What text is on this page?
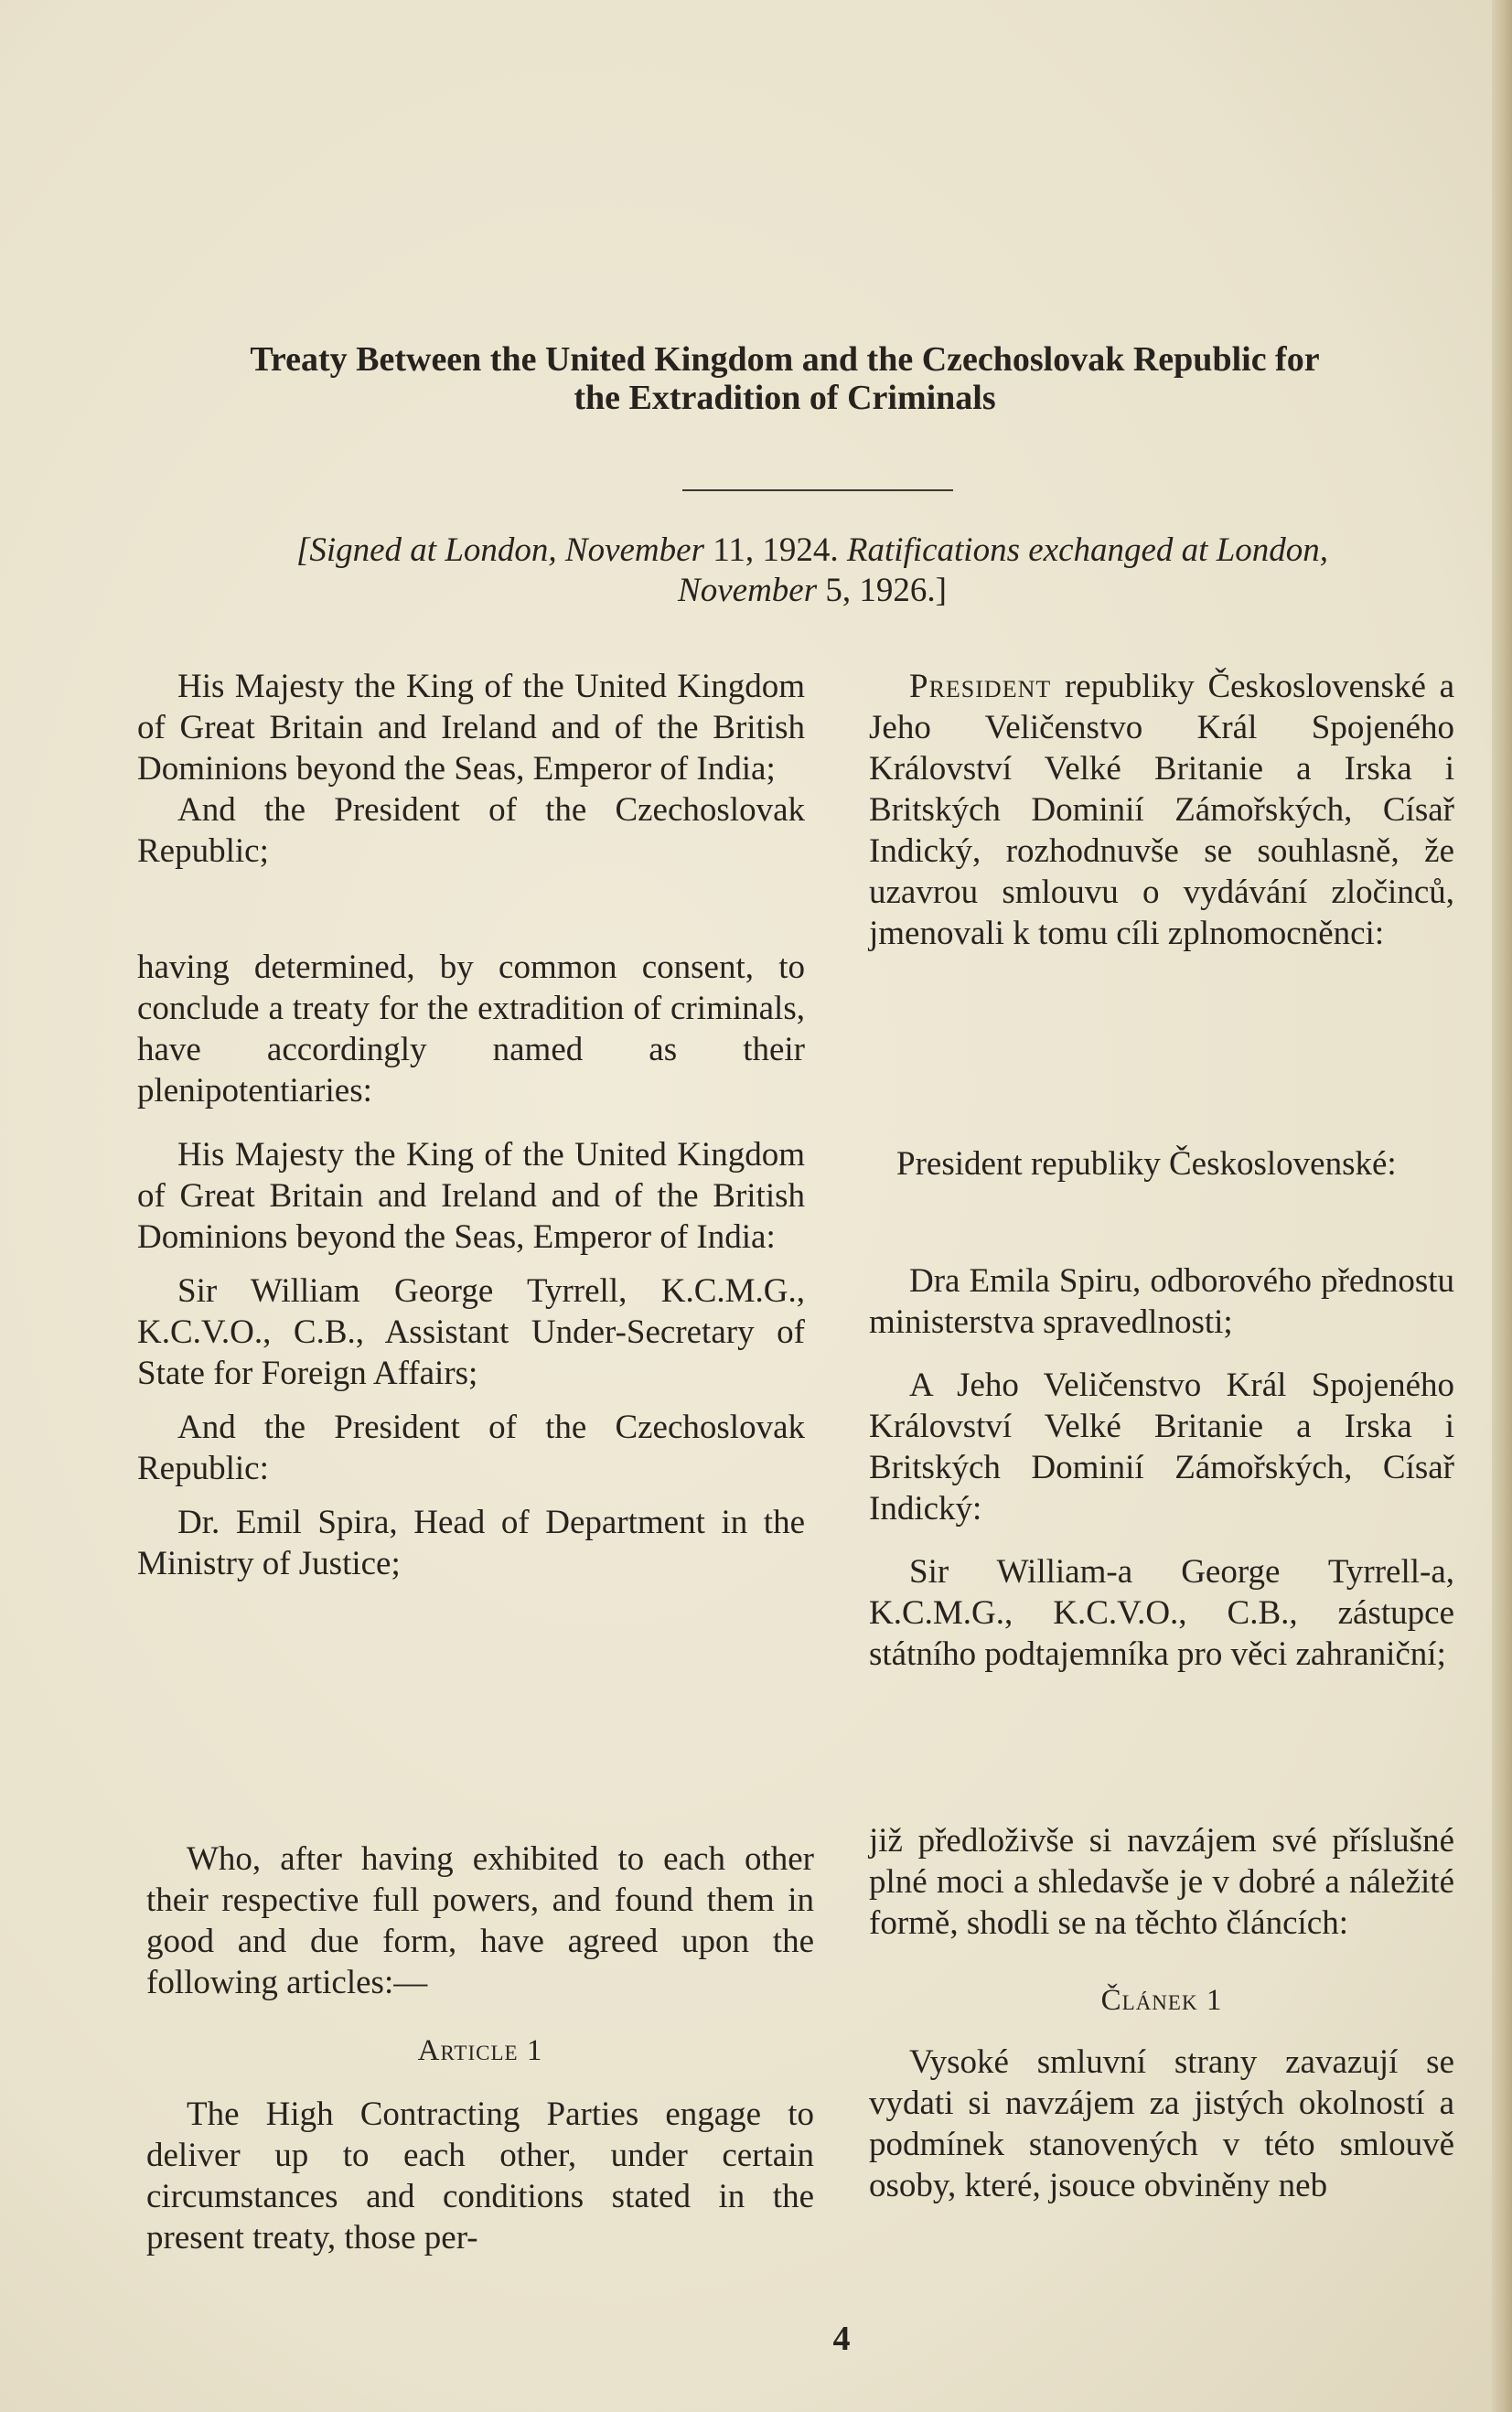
Treaty Between the United Kingdom and the Czechoslovak Republic for
the Extradition of Criminals
[Signed at London, November 11, 1924. Ratifications exchanged at London,
November 5, 1926.]

His Majesty the King of the United Kingdom of Great Britain and Ireland and of the British Dominions beyond the Seas, Emperor of India;

And the President of the Czechoslovak Republic;

having determined, by common consent, to conclude a treaty for the extradition of criminals, have accordingly named as their plenipotentiaries:

His Majesty the King of the United Kingdom of Great Britain and Ireland and of the British Dominions beyond the Seas, Emperor of India:

Sir William George Tyrrell, K.C.M.G., K.C.V.O., C.B., Assistant Under-Secretary of State for Foreign Affairs;

And the President of the Czechoslovak Republic:

Dr. Emil Spira, Head of Department in the Ministry of Justice;

Who, after having exhibited to each other their respective full powers, and found them in good and due form, have agreed upon the following articles:—

Article 1

The High Contracting Parties engage to deliver up to each other, under certain circumstances and conditions stated in the present treaty, those per-

President republiky Československé a Jeho Veličenstvo Král Spojeného Království Velké Britanie a Irska i Britských Dominií Zámořských, Císař Indický, rozhodnuvše se souhlasně, že uzavrou smlouvu o vydávání zločinců, jmenovali k tomu cíli zplnomocněnci:

President republiky Československé:

Dra Emila Spiru, odborového přednostu ministerstva spravedlnosti;

A Jeho Veličenstvo Král Spojeného Království Velké Britanie a Irska i Britských Dominií Zámořských, Císař Indický:

Sir William-a George Tyrrell-a, K.C.M.G., K.C.V.O., C.B., zástupce státního podtajemníka pro věci zahraniční;

již předloživše si navzájem své příslušné plné moci a shledavše je v dobré a náležité formě, shodli se na těchto článcích:

Článek 1

Vysoké smluvní strany zavazují se vydati si navzájem za jistých okolností a podmínek stanovených v této smlouvě osoby, které, jsouce obviněny neb

4
